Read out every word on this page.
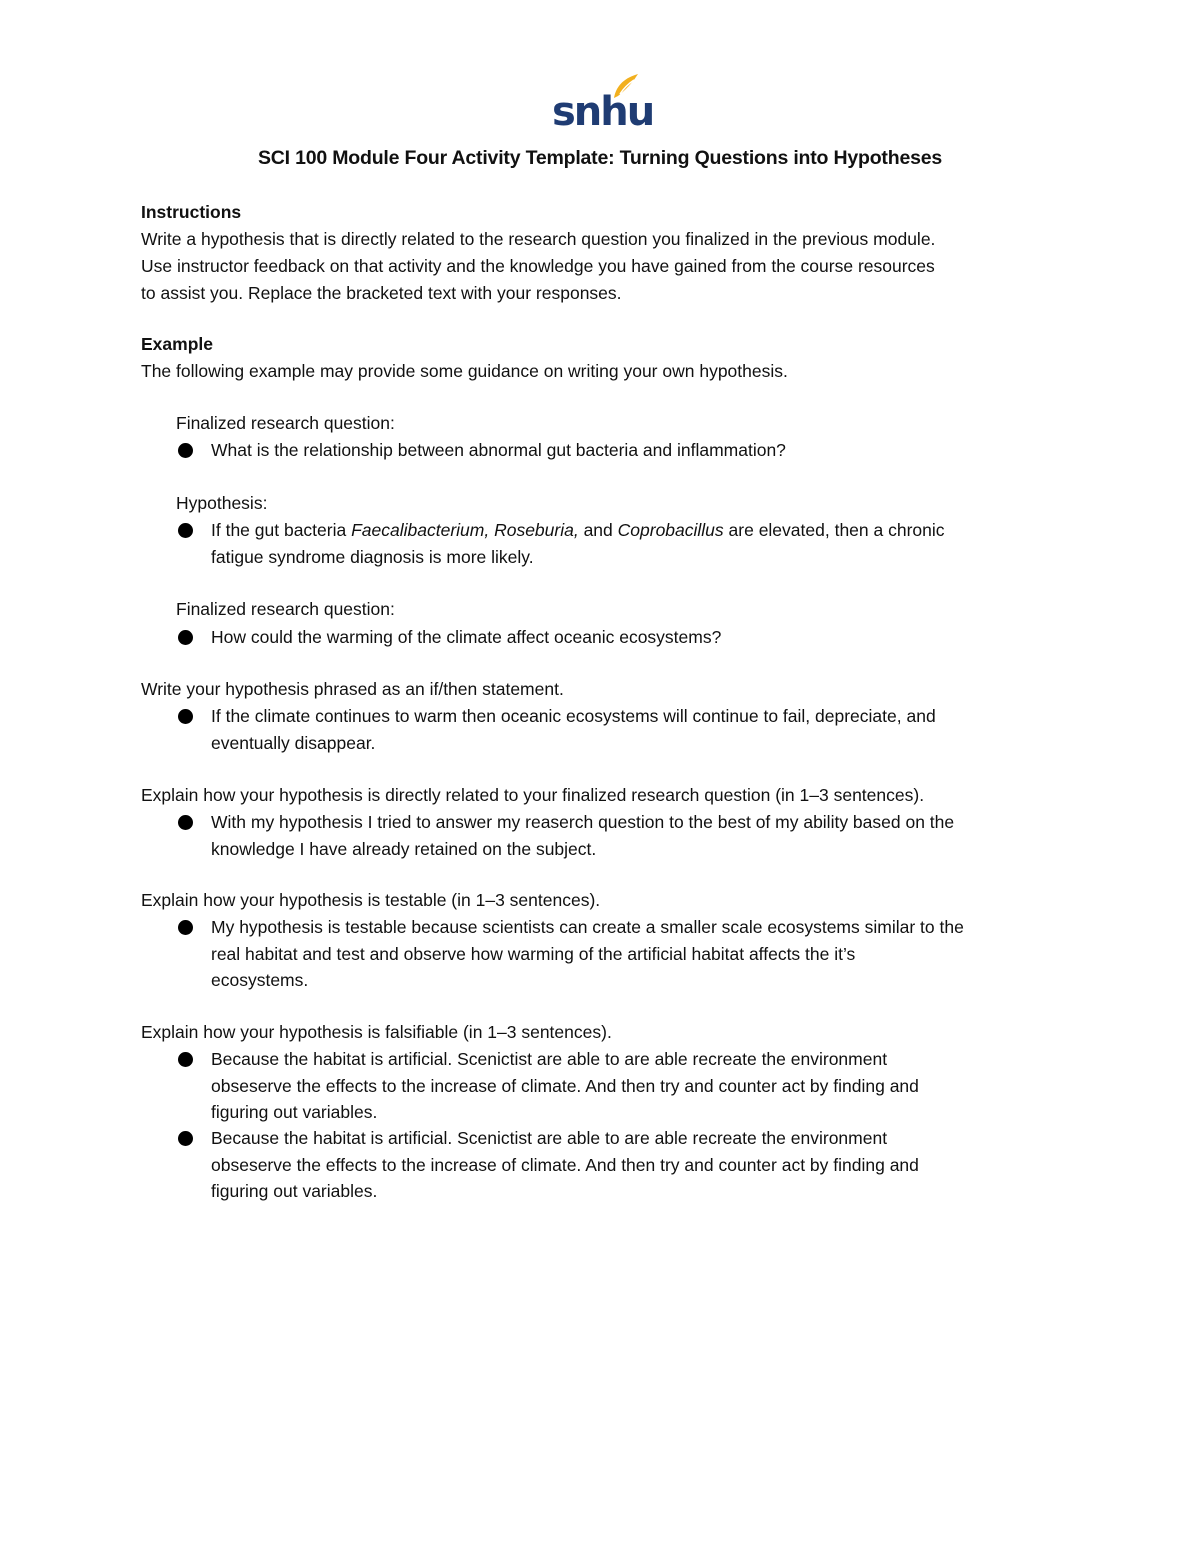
snhu
SCI 100 Module Four Activity Template: Turning Questions into Hypotheses

Instructions

Write a hypothesis that is directly related to the research question you finalized in the previous module.

Use instructor feedback on that activity and the knowledge you have gained from the course resources

to assist you. Replace the bracketed text with your responses.

Example

The following example may provide some guidance on writing your own hypothesis.

Finalized research question:
What is the relationship between abnormal gut bacteria and inflammation?
Hypothesis:
If the gut bacteria Faecalibacterium, Roseburia, and Coprobacillus are elevated, then a chronic
fatigue syndrome diagnosis is more likely.
Finalized research question:
How could the warming of the climate affect oceanic ecosystems?
Write your hypothesis phrased as an if/then statement.
If the climate continues to warm then oceanic ecosystems will continue to fail, depreciate, and
eventually disappear.
Explain how your hypothesis is directly related to your finalized research question (in 1–3 sentences).
With my hypothesis I tried to answer my reaserch question to the best of my ability based on the
knowledge I have already retained on the subject.
Explain how your hypothesis is testable (in 1–3 sentences).
My hypothesis is testable because scientists can create a smaller scale ecosystems similar to the
real habitat and test and observe how warming of the artificial habitat affects the it’s
ecosystems.
Explain how your hypothesis is falsifiable (in 1–3 sentences).
Because the habitat is artificial. Scenictist are able to are able recreate the environment
obseserve the effects to the increase of climate. And then try and counter act by finding and
figuring out variables.
Because the habitat is artificial. Scenictist are able to are able recreate the environment
obseserve the effects to the increase of climate. And then try and counter act by finding and
figuring out variables.
